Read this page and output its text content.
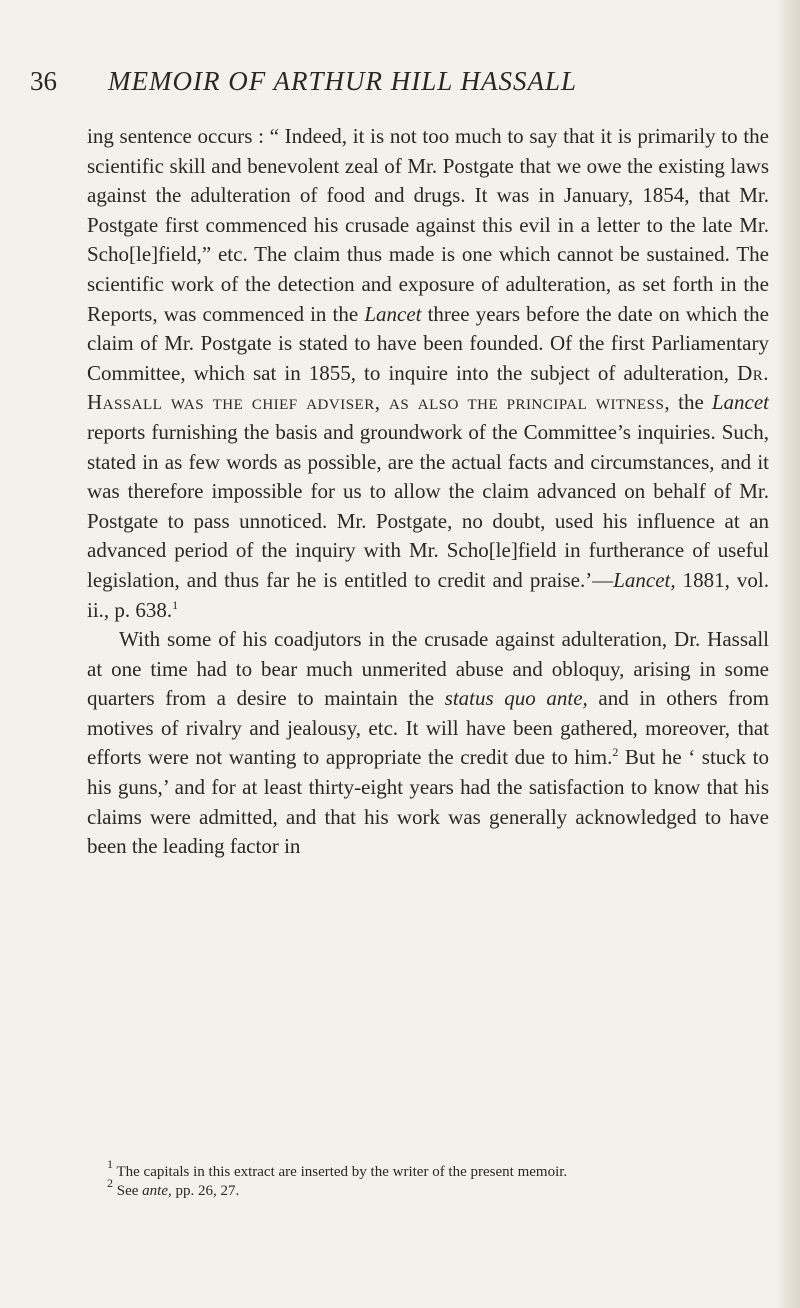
36 MEMOIR OF ARTHUR HILL HASSALL

ing sentence occurs : “ Indeed, it is not too much to say that it is primarily to the scientific skill and benevolent zeal of Mr. Postgate that we owe the existing laws against the adulteration of food and drugs. It was in January, 1854, that Mr. Postgate first commenced his crusade against this evil in a letter to the late Mr. Scho[le]field,” etc. The claim thus made is one which cannot be sustained. The scientific work of the detection and exposure of adulteration, as set forth in the Reports, was commenced in the Lancet three years before the date on which the claim of Mr. Postgate is stated to have been founded. Of the first Parliamentary Committee, which sat in 1855, to inquire into the subject of adulteration, Dr. Hassall was the chief adviser, as also the principal witness, the Lancet reports furnishing the basis and groundwork of the Committee’s inquiries. Such, stated in as few words as possible, are the actual facts and circumstances, and it was therefore impossible for us to allow the claim advanced on behalf of Mr. Postgate to pass unnoticed. Mr. Postgate, no doubt, used his influence at an advanced period of the inquiry with Mr. Scho[le]field in furtherance of useful legislation, and thus far he is entitled to credit and praise.’—Lancet, 1881, vol. ii., p. 638.$^1$

With some of his coadjutors in the crusade against adulteration, Dr. Hassall at one time had to bear much unmerited abuse and obloquy, arising in some quarters from a desire to maintain the status quo ante, and in others from motives of rivalry and jealousy, etc. It will have been gathered, moreover, that efforts were not wanting to appropriate the credit due to him.$^2$ But he ‘ stuck to his guns,’ and for at least thirty-eight years had the satisfaction to know that his claims were admitted, and that his work was generally acknowledged to have been the leading factor in

$^1$ The capitals in this extract are inserted by the writer of the present memoir.

$^2$ See ante, pp. 26, 27.
